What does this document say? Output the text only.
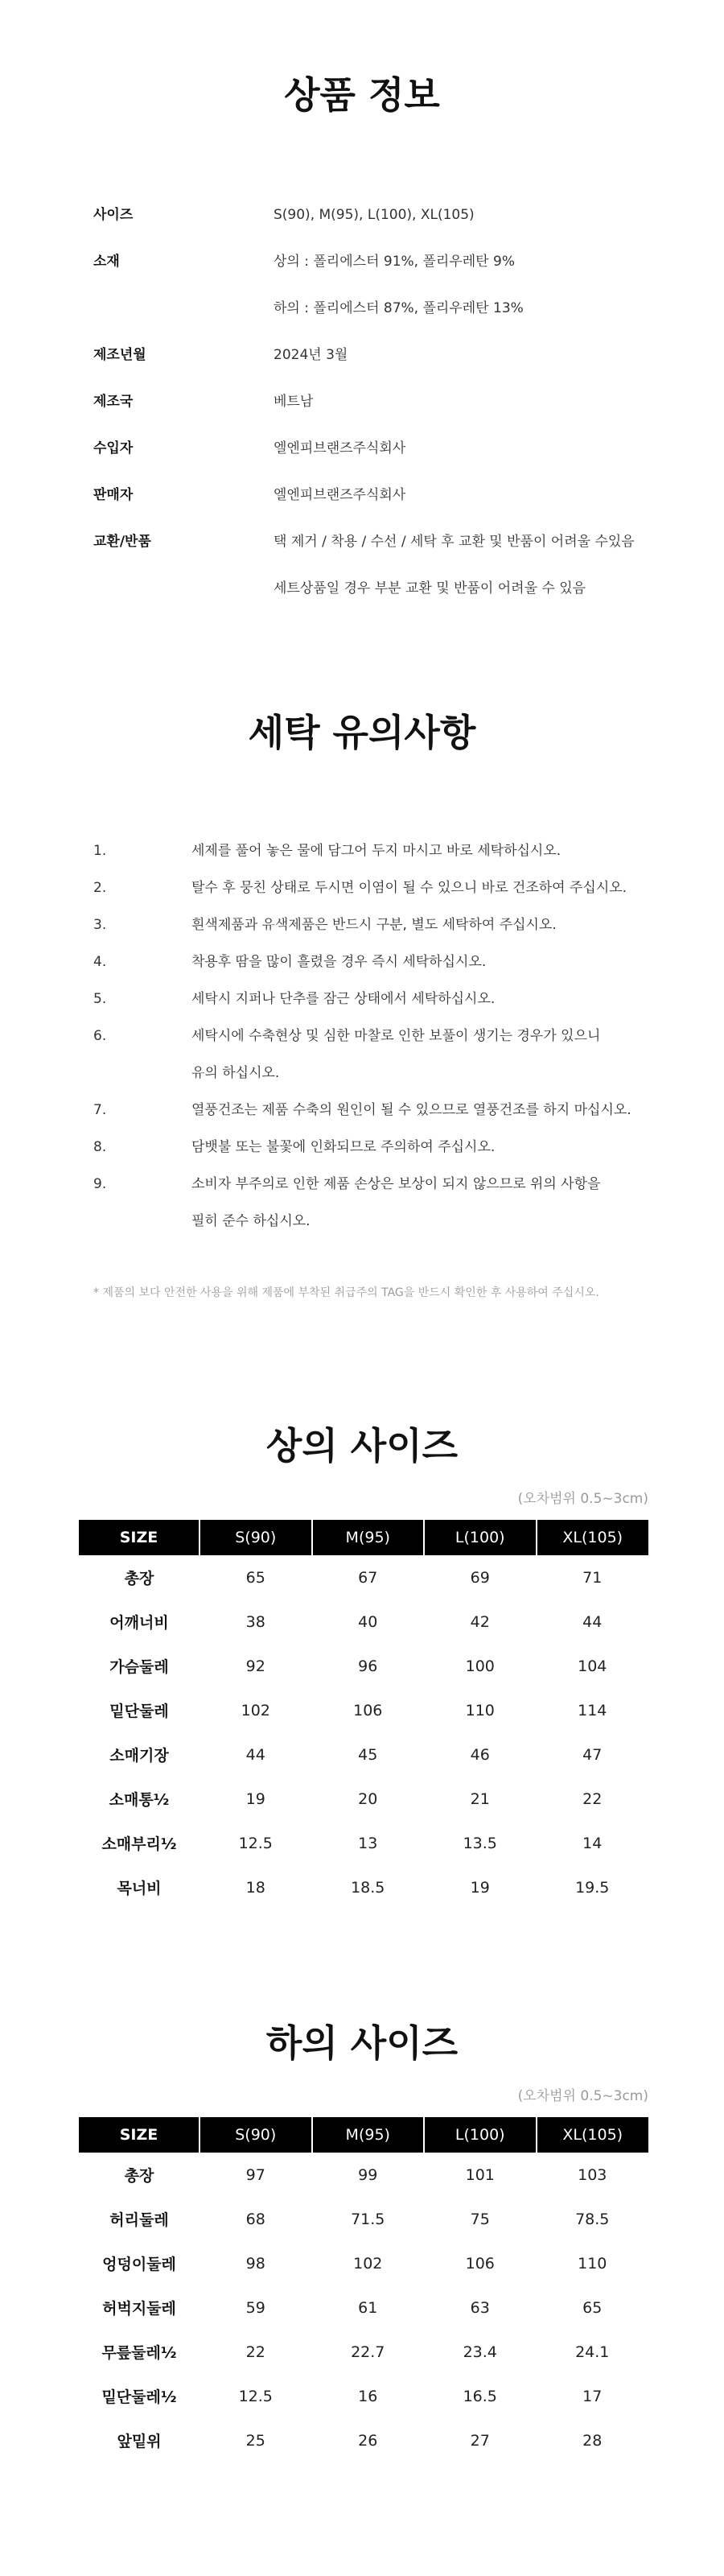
상품 정보
사이즈	S(90), M(95), L(100), XL(105)
소재	상의 : 폴리에스터 91%, 폴리우레탄 9%
하의 : 폴리에스터 87%, 폴리우레탄 13%
제조년월	2024년 3월
제조국	베트남
수입자	엘엔피브랜즈주식회사
판매자	엘엔피브랜즈주식회사
교환/반품	택 제거 / 착용 / 수선 / 세탁 후 교환 및 반품이 어려울 수있음
세트상품일 경우 부분 교환 및 반품이 어려울 수 있음
세탁 유의사항
1.	세제를 풀어 놓은 물에 담그어 두지 마시고 바로 세탁하십시오.
2.	탈수 후 뭉친 상태로 두시면 이염이 될 수 있으니 바로 건조하여 주십시오.
3.	흰색제품과 유색제품은 반드시 구분, 별도 세탁하여 주십시오.
4.	착용후 땀을 많이 흘렸을 경우 즉시 세탁하십시오.
5.	세탁시 지퍼나 단추를 잠근 상태에서 세탁하십시오.
6.	세탁시에 수축현상 및 심한 마찰로 인한 보풀이 생기는 경우가 있으니
유의 하십시오.
7.	열풍건조는 제품 수축의 원인이 될 수 있으므로 열풍건조를 하지 마십시오.
8.	담뱃불 또는 불꽃에 인화되므로 주의하여 주십시오.
9.	소비자 부주의로 인한 제품 손상은 보상이 되지 않으므로 위의 사항을
필히 준수 하십시오.
* 제품의 보다 안전한 사용을 위해 제품에 부착된 취급주의 TAG을 반드시 확인한 후 사용하여 주십시오.
상의 사이즈
(오차범위 0.5~3cm)
SIZE	S(90)	M(95)	L(100)	XL(105)
총장	65	67	69	71
어깨너비	38	40	42	44
가슴둘레	92	96	100	104
밑단둘레	102	106	110	114
소매기장	44	45	46	47
소매통½	19	20	21	22
소매부리½	12.5	13	13.5	14
목너비	18	18.5	19	19.5
하의 사이즈
(오차범위 0.5~3cm)
SIZE	S(90)	M(95)	L(100)	XL(105)
총장	97	99	101	103
허리둘레	68	71.5	75	78.5
엉덩이둘레	98	102	106	110
허벅지둘레	59	61	63	65
무릎둘레½	22	22.7	23.4	24.1
밑단둘레½	12.5	16	16.5	17
앞밑위	25	26	27	28
